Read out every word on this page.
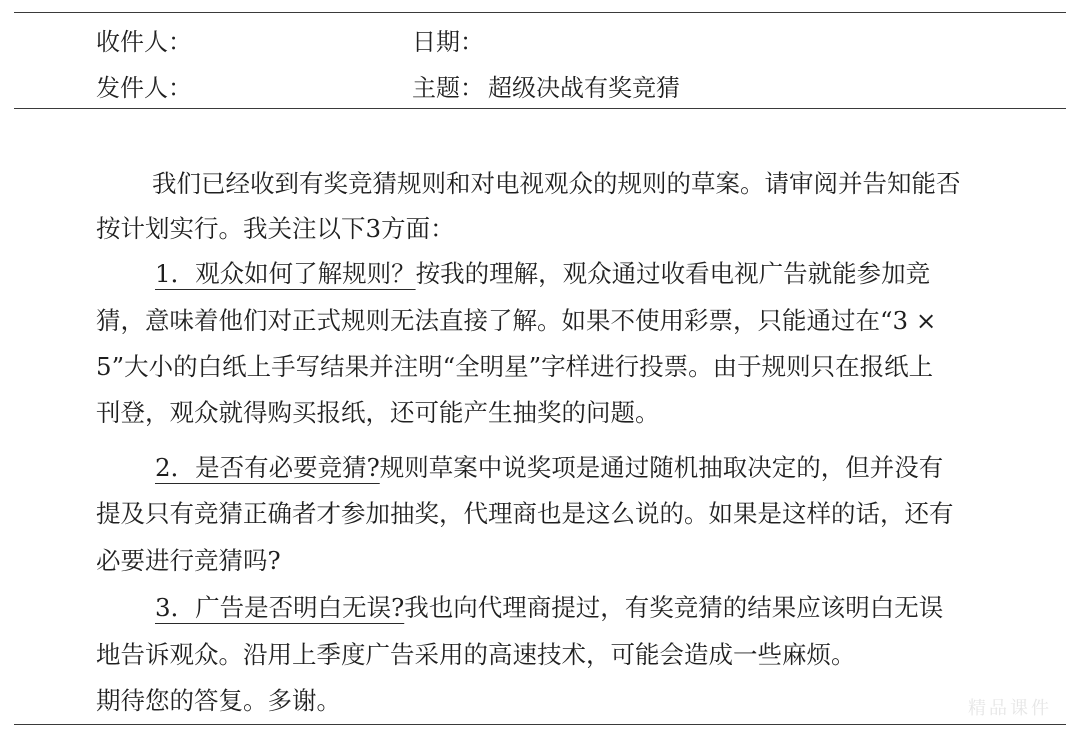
收件人：	日期：
发件人：	主题： 超级决战有奖竞猜
我们已经收到有奖竞猜规则和对电视观众的规则的草案。请审阅并告知能否
按计划实行。我关注以下3方面：
1．观众如何了解规则？按我的理解，观众通过收看电视广告就能参加竞
猜，意味着他们对正式规则无法直接了解。如果不使用彩票，只能通过在“3 ×
5”大小的白纸上手写结果并注明“全明星”字样进行投票。由于规则只在报纸上
刊登，观众就得购买报纸，还可能产生抽奖的问题。
2．是否有必要竞猜?规则草案中说奖项是通过随机抽取决定的，但并没有
提及只有竞猜正确者才参加抽奖，代理商也是这么说的。如果是这样的话，还有
必要进行竞猜吗?
3．广告是否明白无误?我也向代理商提过，有奖竞猜的结果应该明白无误
地告诉观众。沿用上季度广告采用的高速技术，可能会造成一些麻烦。
期待您的答复。多谢。	精品课件
